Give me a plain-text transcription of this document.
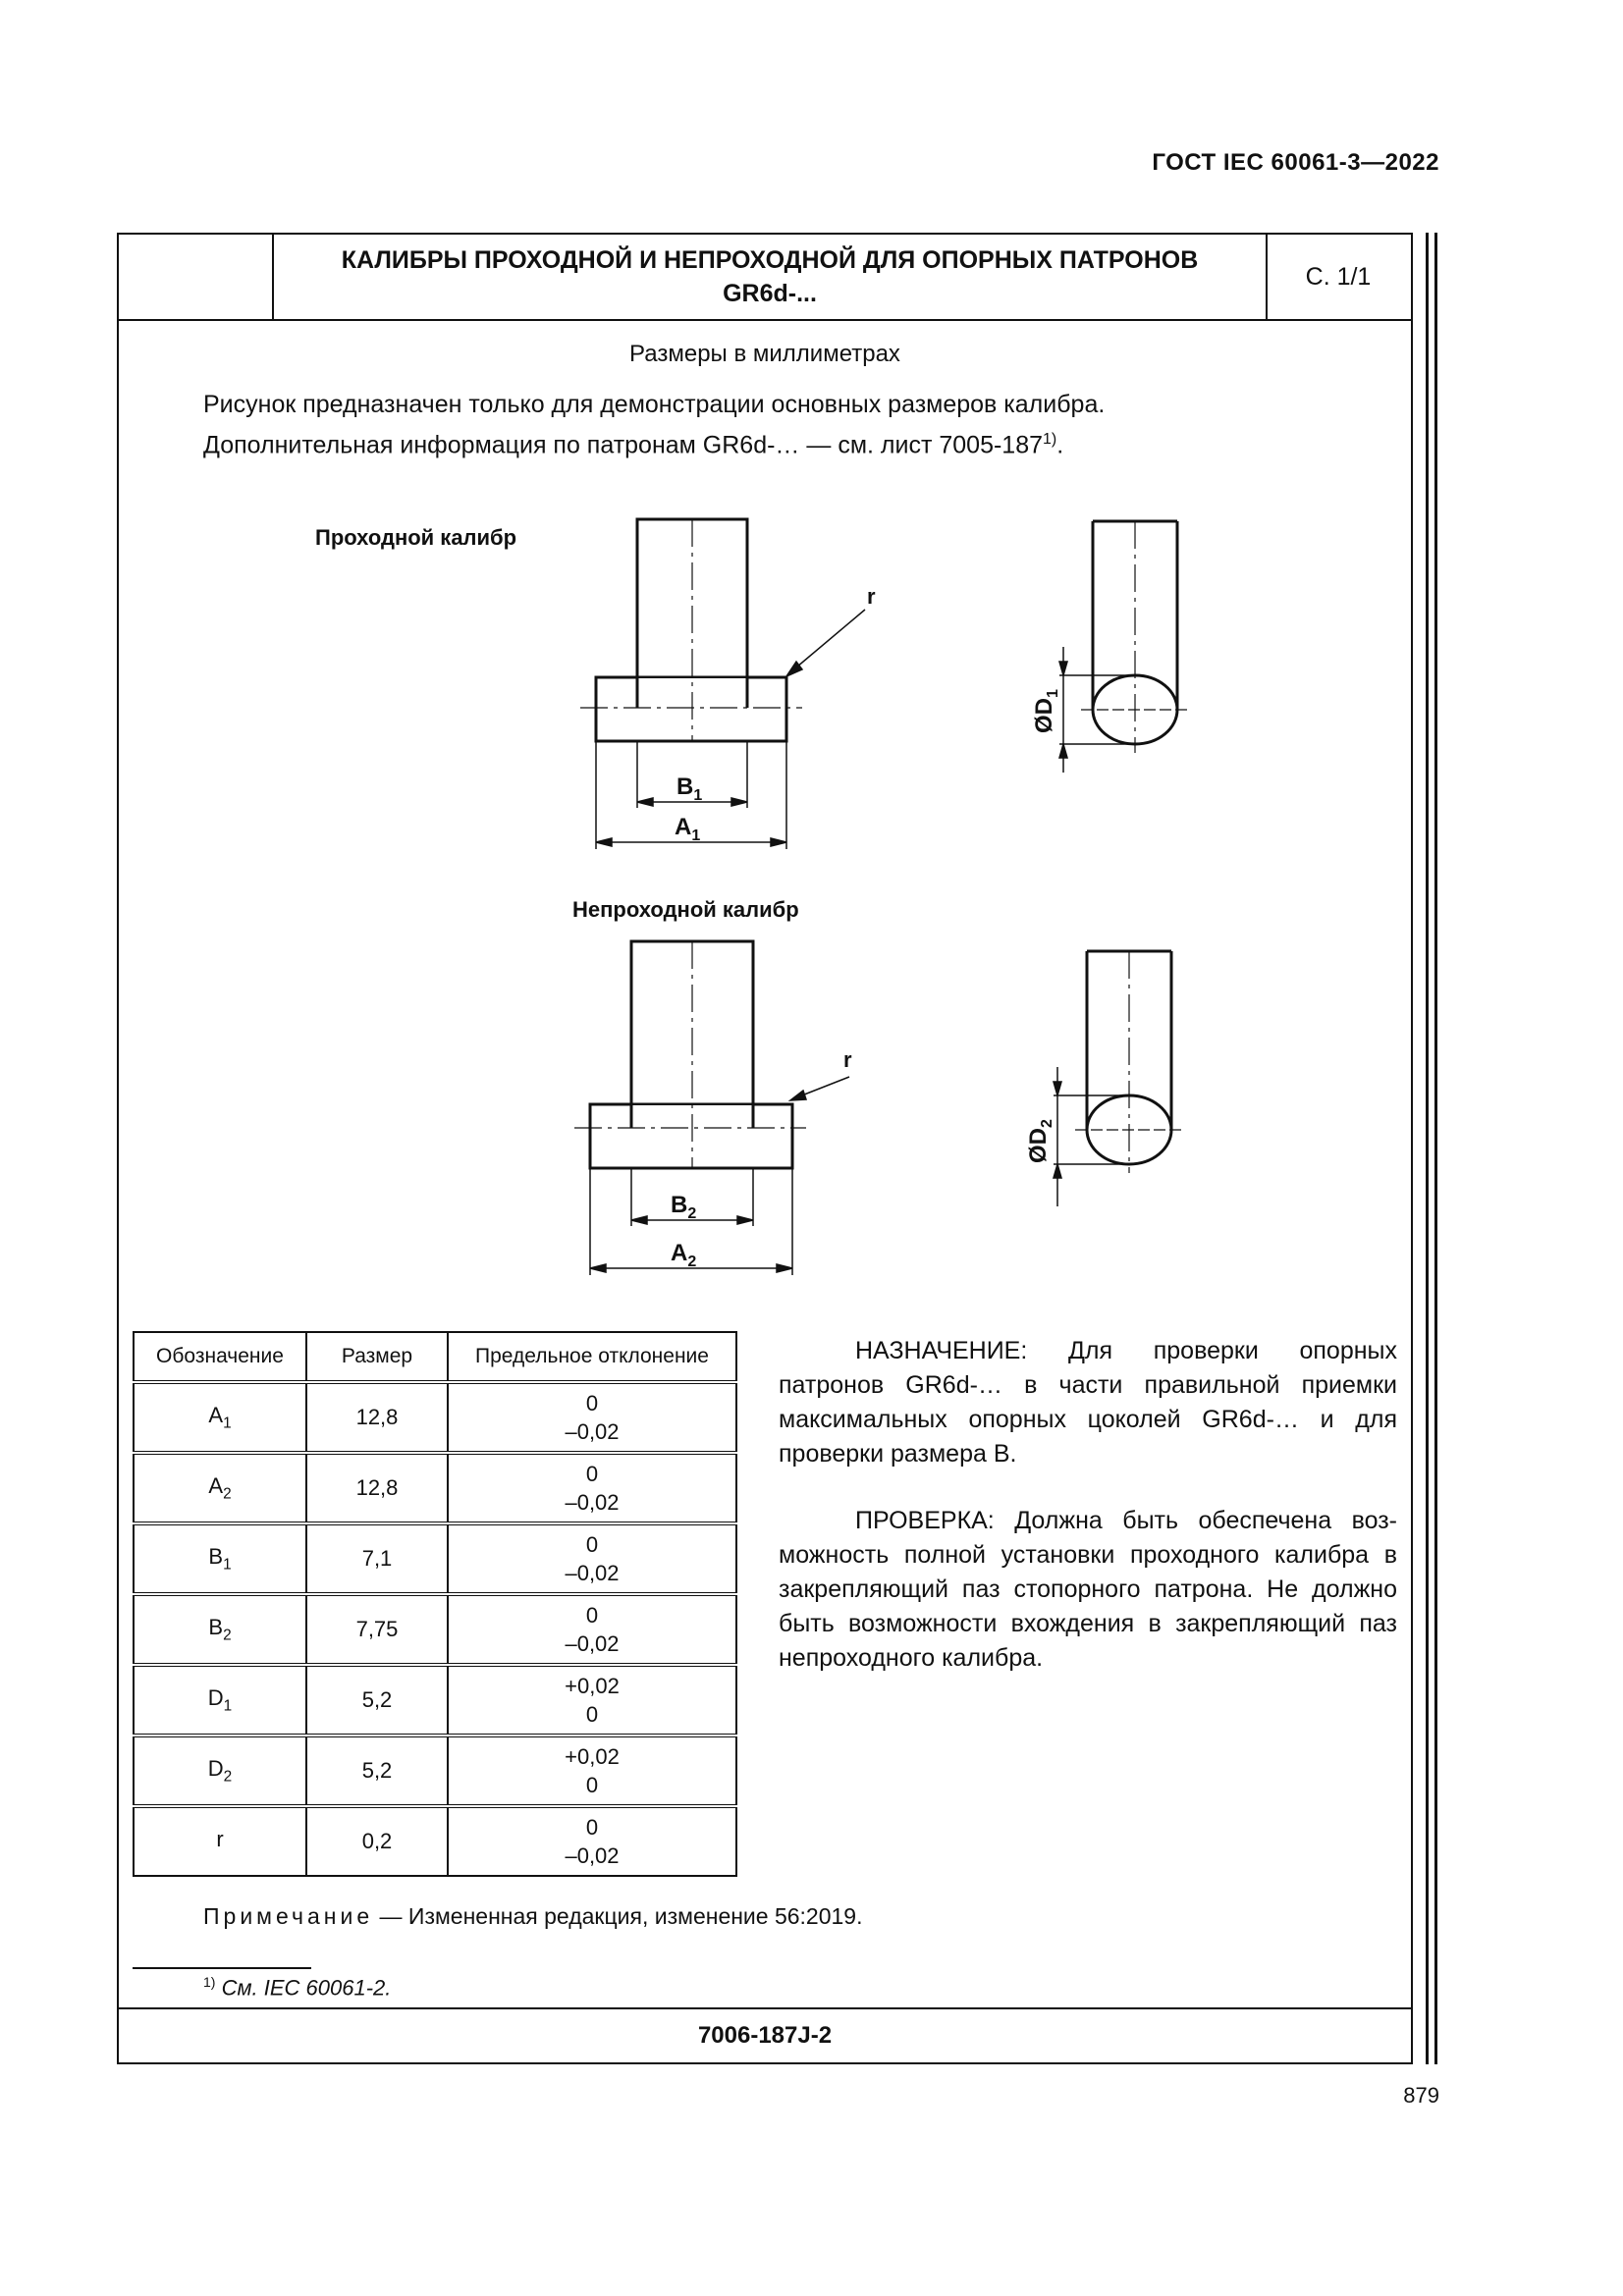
ГОСТ IEC 60061-3—2022
КАЛИБРЫ ПРОХОДНОЙ И НЕПРОХОДНОЙ ДЛЯ ОПОРНЫХ ПАТРОНОВ
GR6d-...
С. 1/1
Размеры в миллиметрах
Рисунок предназначен только для демонстрации основных размеров калибра.
Дополнительная информация по патронам GR6d-… — см. лист 7005-187$^{1)}$.
Проходной калибр
Непроходной калибр
r
$B_1$
$A_1$
$ØD_1$
r
$B_2$
$A_2$
$ØD_2$
Обозначение	Размер	Предельное отклонение
$A_1$	12,8	0
–0,02

$A_2$	12,8	0
–0,02

$B_1$	7,1	0
–0,02

$B_2$	7,75	0
–0,02

$D_1$	5,2	+0,02
0

$D_2$	5,2	+0,02
0

r	0,2	0
–0,02

НАЗНАЧЕНИЕ: Для проверки опорных патронов GR6d-… в части правильной приемки максимальных опорных цоколей GR6d-… и для проверки размера B.

ПРОВЕРКА: Должна быть обеспечена возможность полной установки проходного калибра в закрепляющий паз стопорного патрона. Не должно быть возможности вхождения в закрепляющий паз непроходного калибра.

Примечание — Измененная редакция, изменение 56:2019.
$^{1)}$ См. IEC 60061-2.
7006-187J-2
879
